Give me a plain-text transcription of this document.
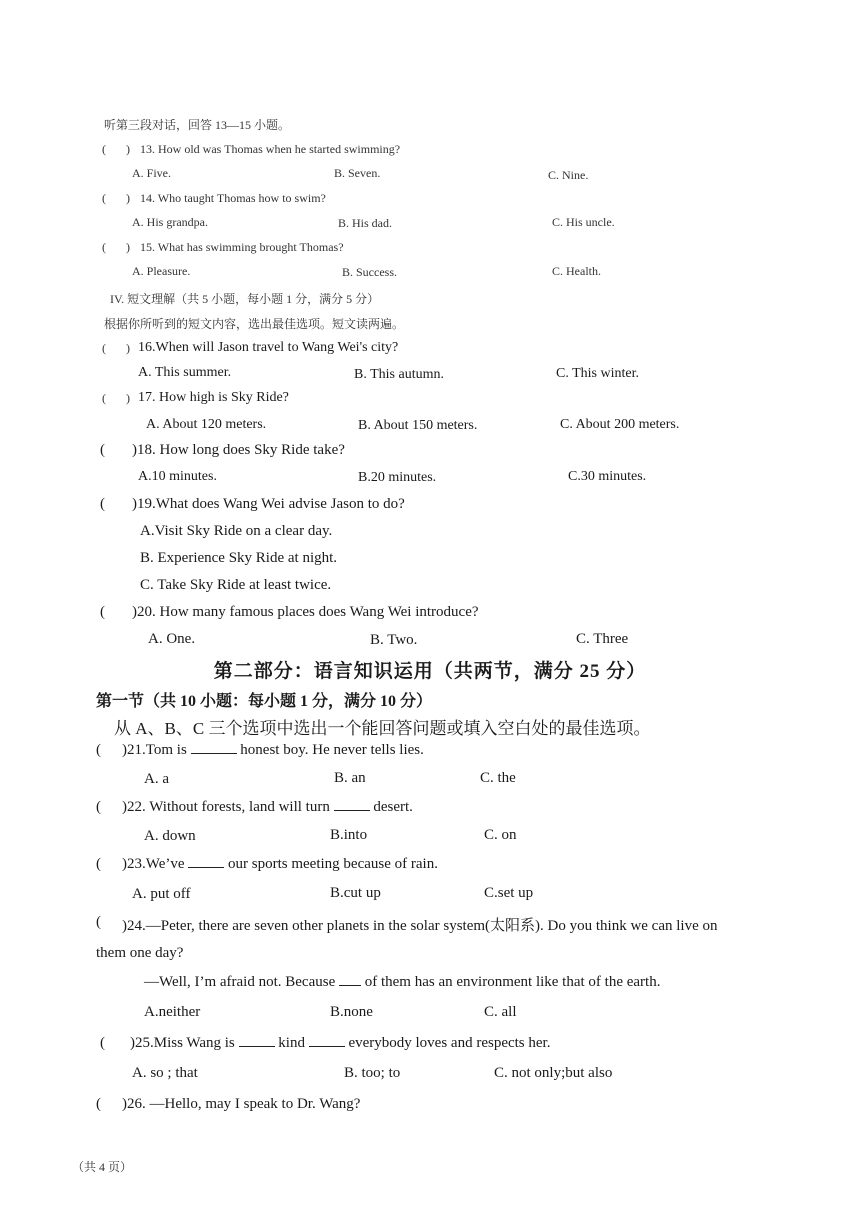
听第三段对话，回答 13—15 小题。
( ) 13. How old was Thomas when he started swimming?
A. Five.	B. Seven.	C. Nine.
( ) 14. Who taught Thomas how to swim?
A. His grandpa.	B. His dad.	C. His uncle.
( ) 15. What has swimming brought Thomas?
A. Pleasure.	B. Success.	C. Health.
IV. 短文理解（共 5 小题，每小题 1 分，满分 5 分）
根据你所听到的短文内容，选出最佳选项。短文读两遍。
( ) 16.When will Jason travel to Wang Wei's city?
A. This summer.	B. This autumn.	C. This winter.
( ) 17. How high is Sky Ride?
A. About 120 meters.	B. About 150 meters.	C. About 200 meters.
( )18. How long does Sky Ride take?
A.10 minutes.	B.20 minutes.	C.30 minutes.
( )19.What does Wang Wei advise Jason to do?
A.Visit Sky Ride on a clear day.
B. Experience Sky Ride at night.
C. Take Sky Ride at least twice.
( )20. How many famous places does Wang Wei introduce?
A. One.	B. Two.	C. Three
第二部分：语言知识运用（共两节，满分 25 分）
第一节（共 10 小题：每小题 1 分，满分 10 分）
从 A、B、C 三个选项中选出一个能回答问题或填入空白处的最佳选项。
( )21.Tom is	honest boy. He never tells lies.
A. a	B. an	C. the
( )22. Without forests, land will turn	desert.
A. down	B.into	C. on
( )23.We’ve	our sports meeting because of rain.
A. put off	B.cut up	C.set up
( )24.—Peter, there are seven other planets in the solar system(太阳系). Do you think we can live on
them one day?
—Well, I’m afraid not. Because of them has an environment like that of the earth.
A.neither	B.none	C. all
( )25.Miss Wang is	kind	everybody loves and respects her.
A. so ; that	B. too; to	C. not only;but also
( )26. —Hello, may I speak to Dr. Wang?
（共 4 页）
